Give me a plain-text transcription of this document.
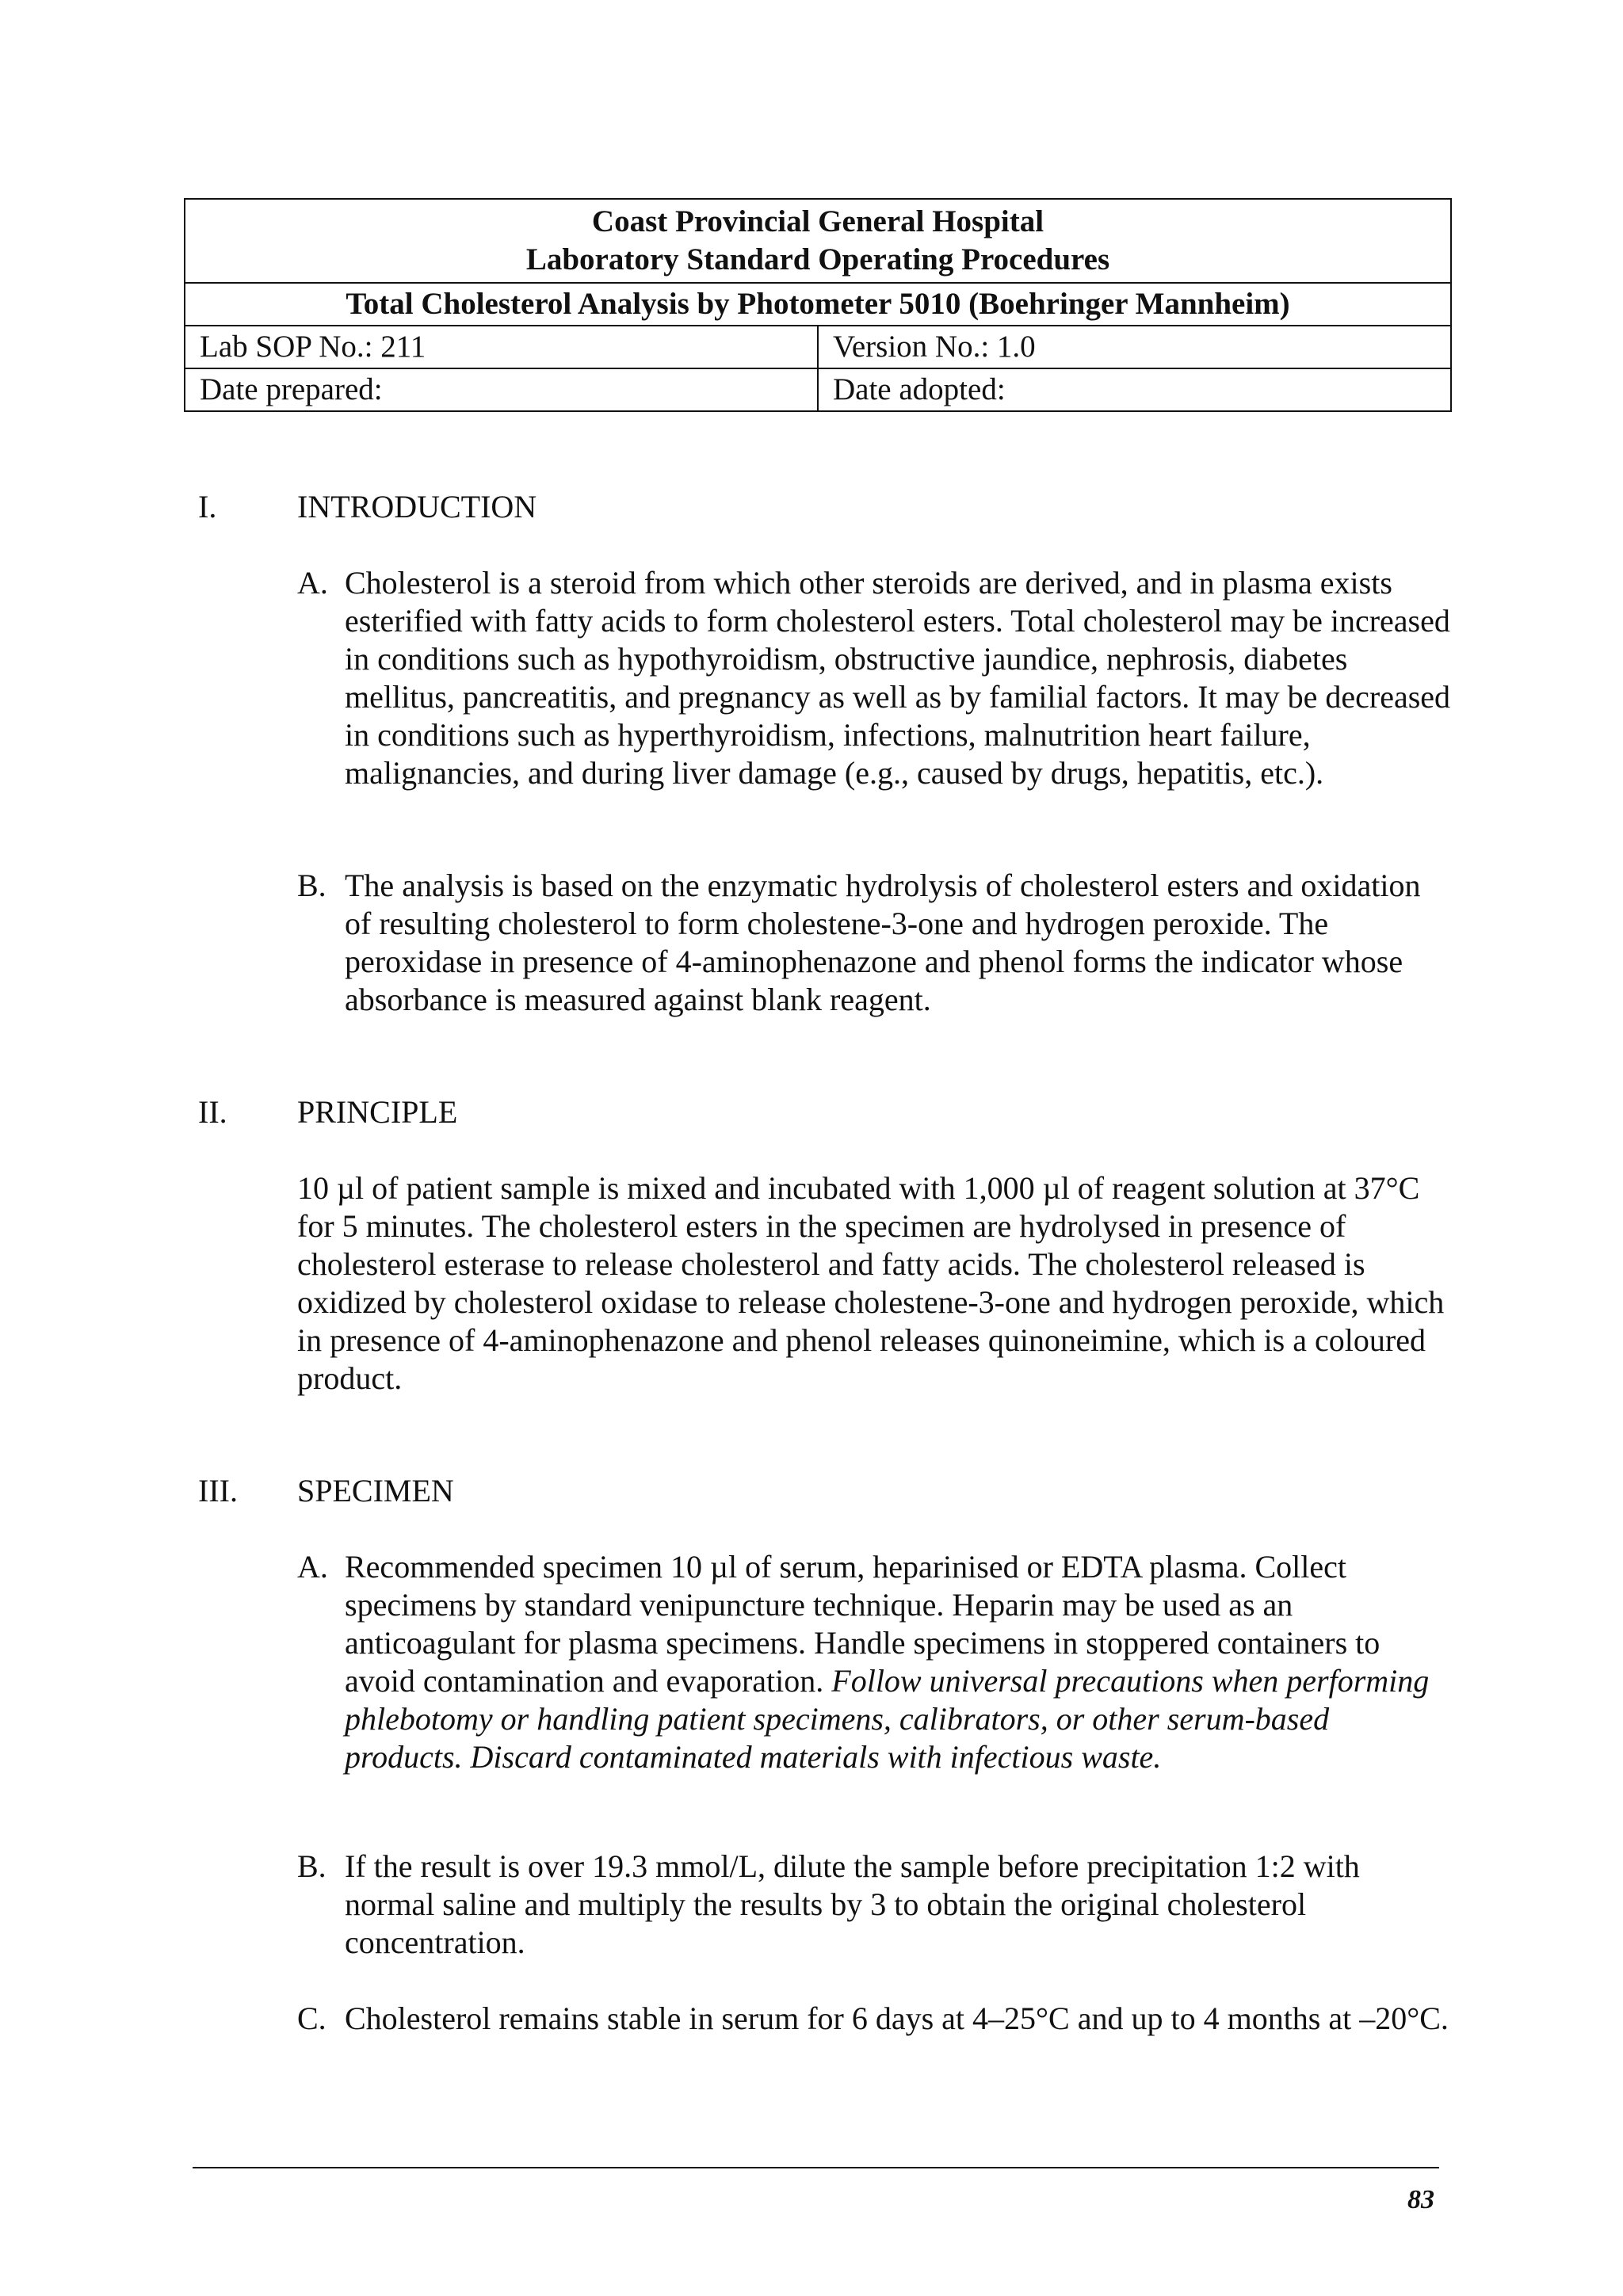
Coast Provincial General Hospital
Laboratory Standard Operating Procedures	

Total Cholesterol Analysis by Photometer 5010 (Boehringer Mannheim)	
Lab SOP No.: 211	Version No.: 1.0
Date prepared:	Date adopted:
I.	INTRODUCTION
A. Cholesterol is a steroid from which other steroids are derived, and in plasma exists esterified with fatty acids to form cholesterol esters. Total cholesterol may be increased in conditions such as hypothyroidism, obstructive jaundice, nephrosis, diabetes mellitus, pancreatitis, and pregnancy as well as by familial factors. It may be decreased in conditions such as hyperthyroidism, infections, malnutrition heart failure, malignancies, and during liver damage (e.g., caused by drugs, hepatitis, etc.).
B. The analysis is based on the enzymatic hydrolysis of cholesterol esters and oxidation of resulting cholesterol to form cholestene-3-one and hydrogen peroxide. The peroxidase in presence of 4-aminophenazone and phenol forms the indicator whose absorbance is measured against blank reagent.
II. PRINCIPLE
10 µl of patient sample is mixed and incubated with 1,000 µl of reagent solution at 37°C for 5 minutes. The cholesterol esters in the specimen are hydrolysed in presence of cholesterol esterase to release cholesterol and fatty acids. The cholesterol released is oxidized by cholesterol oxidase to release cholestene-3-one and hydrogen peroxide, which in presence of 4-aminophenazone and phenol releases quinoneimine, which is a coloured product.
III. SPECIMEN
A. Recommended specimen 10 µl of serum, heparinised or EDTA plasma. Collect specimens by standard venipuncture technique. Heparin may be used as an anticoagulant for plasma specimens. Handle specimens in stoppered containers to avoid contamination and evaporation. Follow universal precautions when performing phlebotomy or handling patient specimens, calibrators, or other serum-based products. Discard contaminated materials with infectious waste.
B. If the result is over 19.3 mmol/L, dilute the sample before precipitation 1:2 with normal saline and multiply the results by 3 to obtain the original cholesterol concentration.
C. Cholesterol remains stable in serum for 6 days at 4–25°C and up to 4 months at –20°C.
83
